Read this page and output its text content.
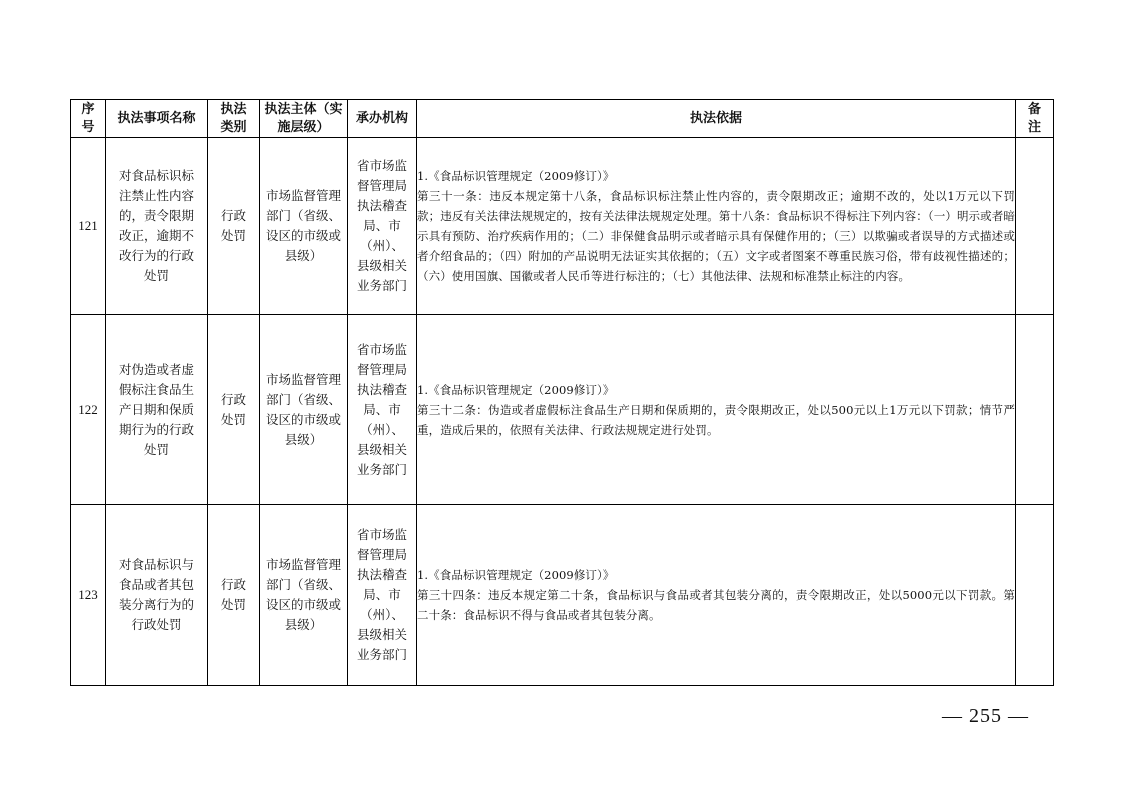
序号	执法事项名称	执法类别	执法主体（实施层级）	承办机构	执法依据	备注

121	对食品标识标注禁止性内容的，责令限期改正，逾期不改行为的行政处罚	行政处罚	市场监督管理部门（省级、设区的市级或县级）	省市场监督管理局执法稽查局、市（州）、县级相关业务部门	1.《食品标识管理规定（2009修订）》
第三十一条：违反本规定第十八条，食品标识标注禁止性内容的，责令限期改正；逾期不改的，处以1万元以下罚款；违反有关法律法规规定的，按有关法律法规规定处理。第十八条：食品标识不得标注下列内容：（一）明示或者暗示具有预防、治疗疾病作用的；（二）非保健食品明示或者暗示具有保健作用的；（三）以欺骗或者误导的方式描述或者介绍食品的；（四）附加的产品说明无法证实其依据的；（五）文字或者图案不尊重民族习俗，带有歧视性描述的；（六）使用国旗、国徽或者人民币等进行标注的；（七）其他法律、法规和标准禁止标注的内容。	

122	对伪造或者虚假标注食品生产日期和保质期行为的行政处罚	行政处罚	市场监督管理部门（省级、设区的市级或县级）	省市场监督管理局执法稽查局、市（州）、县级相关业务部门	1.《食品标识管理规定（2009修订）》
第三十二条：伪造或者虚假标注食品生产日期和保质期的，责令限期改正，处以500元以上1万元以下罚款；情节严重，造成后果的，依照有关法律、行政法规规定进行处罚。	

123	对食品标识与食品或者其包装分离行为的行政处罚	行政处罚	市场监督管理部门（省级、设区的市级或县级）	省市场监督管理局执法稽查局、市（州）、县级相关业务部门	1.《食品标识管理规定（2009修订）》
第三十四条：违反本规定第二十条，食品标识与食品或者其包装分离的，责令限期改正，处以5000元以下罚款。第二十条：食品标识不得与食品或者其包装分离。	

— 255 —
